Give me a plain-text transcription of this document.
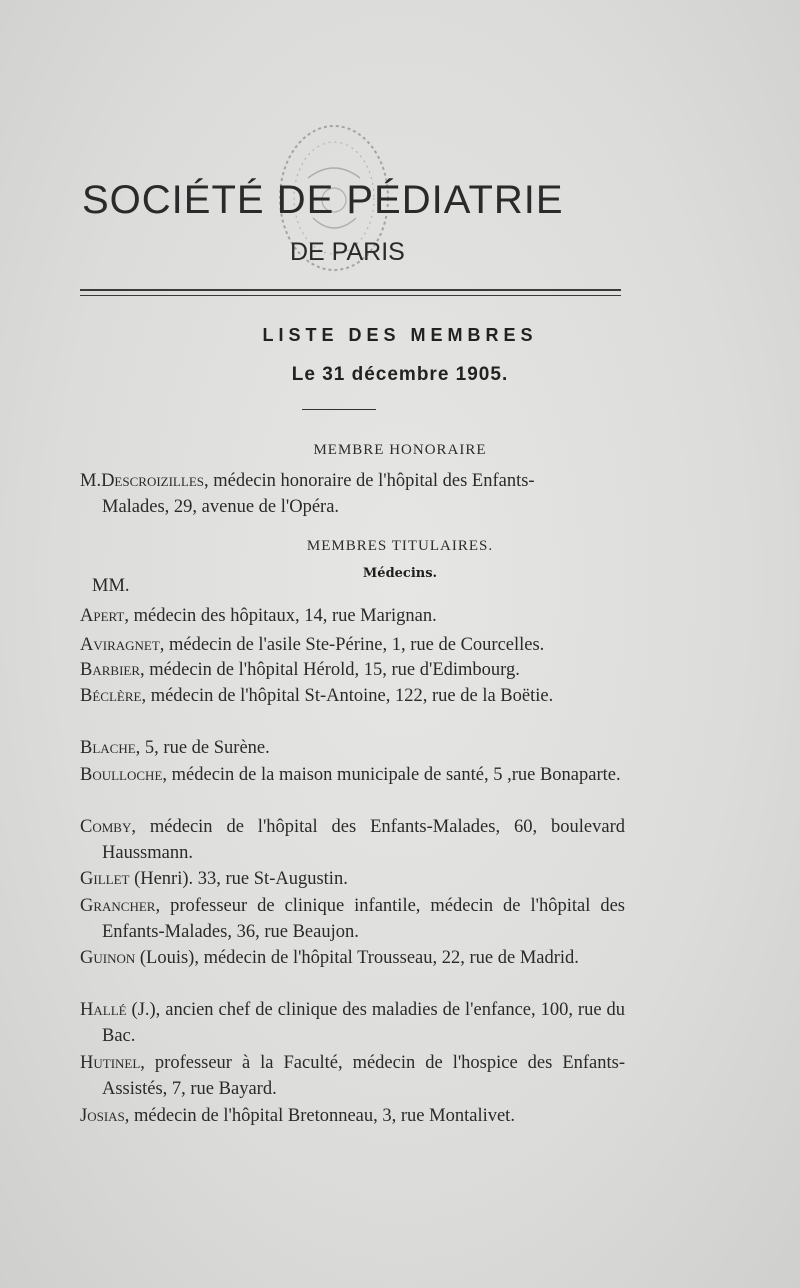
SOCIÉTÉ DE PÉDIATRIE
DE PARIS
LISTE DES MEMBRES
Le 31 décembre 1905.
MEMBRE HONORAIRE
M.Descroizilles, médecin honoraire de l'hôpital des Enfants-
Malades, 29, avenue de l'Opéra.
MEMBRES TITULAIRES.
Médecins.
MM.
Apert, médecin des hôpitaux, 14, rue Marignan.
Aviragnet, médecin de l'asile Ste-Périne, 1, rue de Courcelles.
Barbier, médecin de l'hôpital Hérold, 15, rue d'Edimbourg.
Béclère, médecin de l'hôpital St-Antoine, 122, rue de la Boëtie.
Blache, 5, rue de Surène.
Boulloche, médecin de la maison municipale de santé, 5 ,rue Bonaparte.
Comby, médecin de l'hôpital des Enfants-Malades, 60, boulevard Haussmann.
Gillet (Henri). 33, rue St-Augustin.
Grancher, professeur de clinique infantile, médecin de l'hôpital des Enfants-Malades, 36, rue Beaujon.
Guinon (Louis), médecin de l'hôpital Trousseau, 22, rue de Madrid.
Hallé (J.), ancien chef de clinique des maladies de l'enfance, 100, rue du Bac.
Hutinel, professeur à la Faculté, médecin de l'hospice des Enfants-Assistés, 7, rue Bayard.
Josias, médecin de l'hôpital Bretonneau, 3, rue Montalivet.
